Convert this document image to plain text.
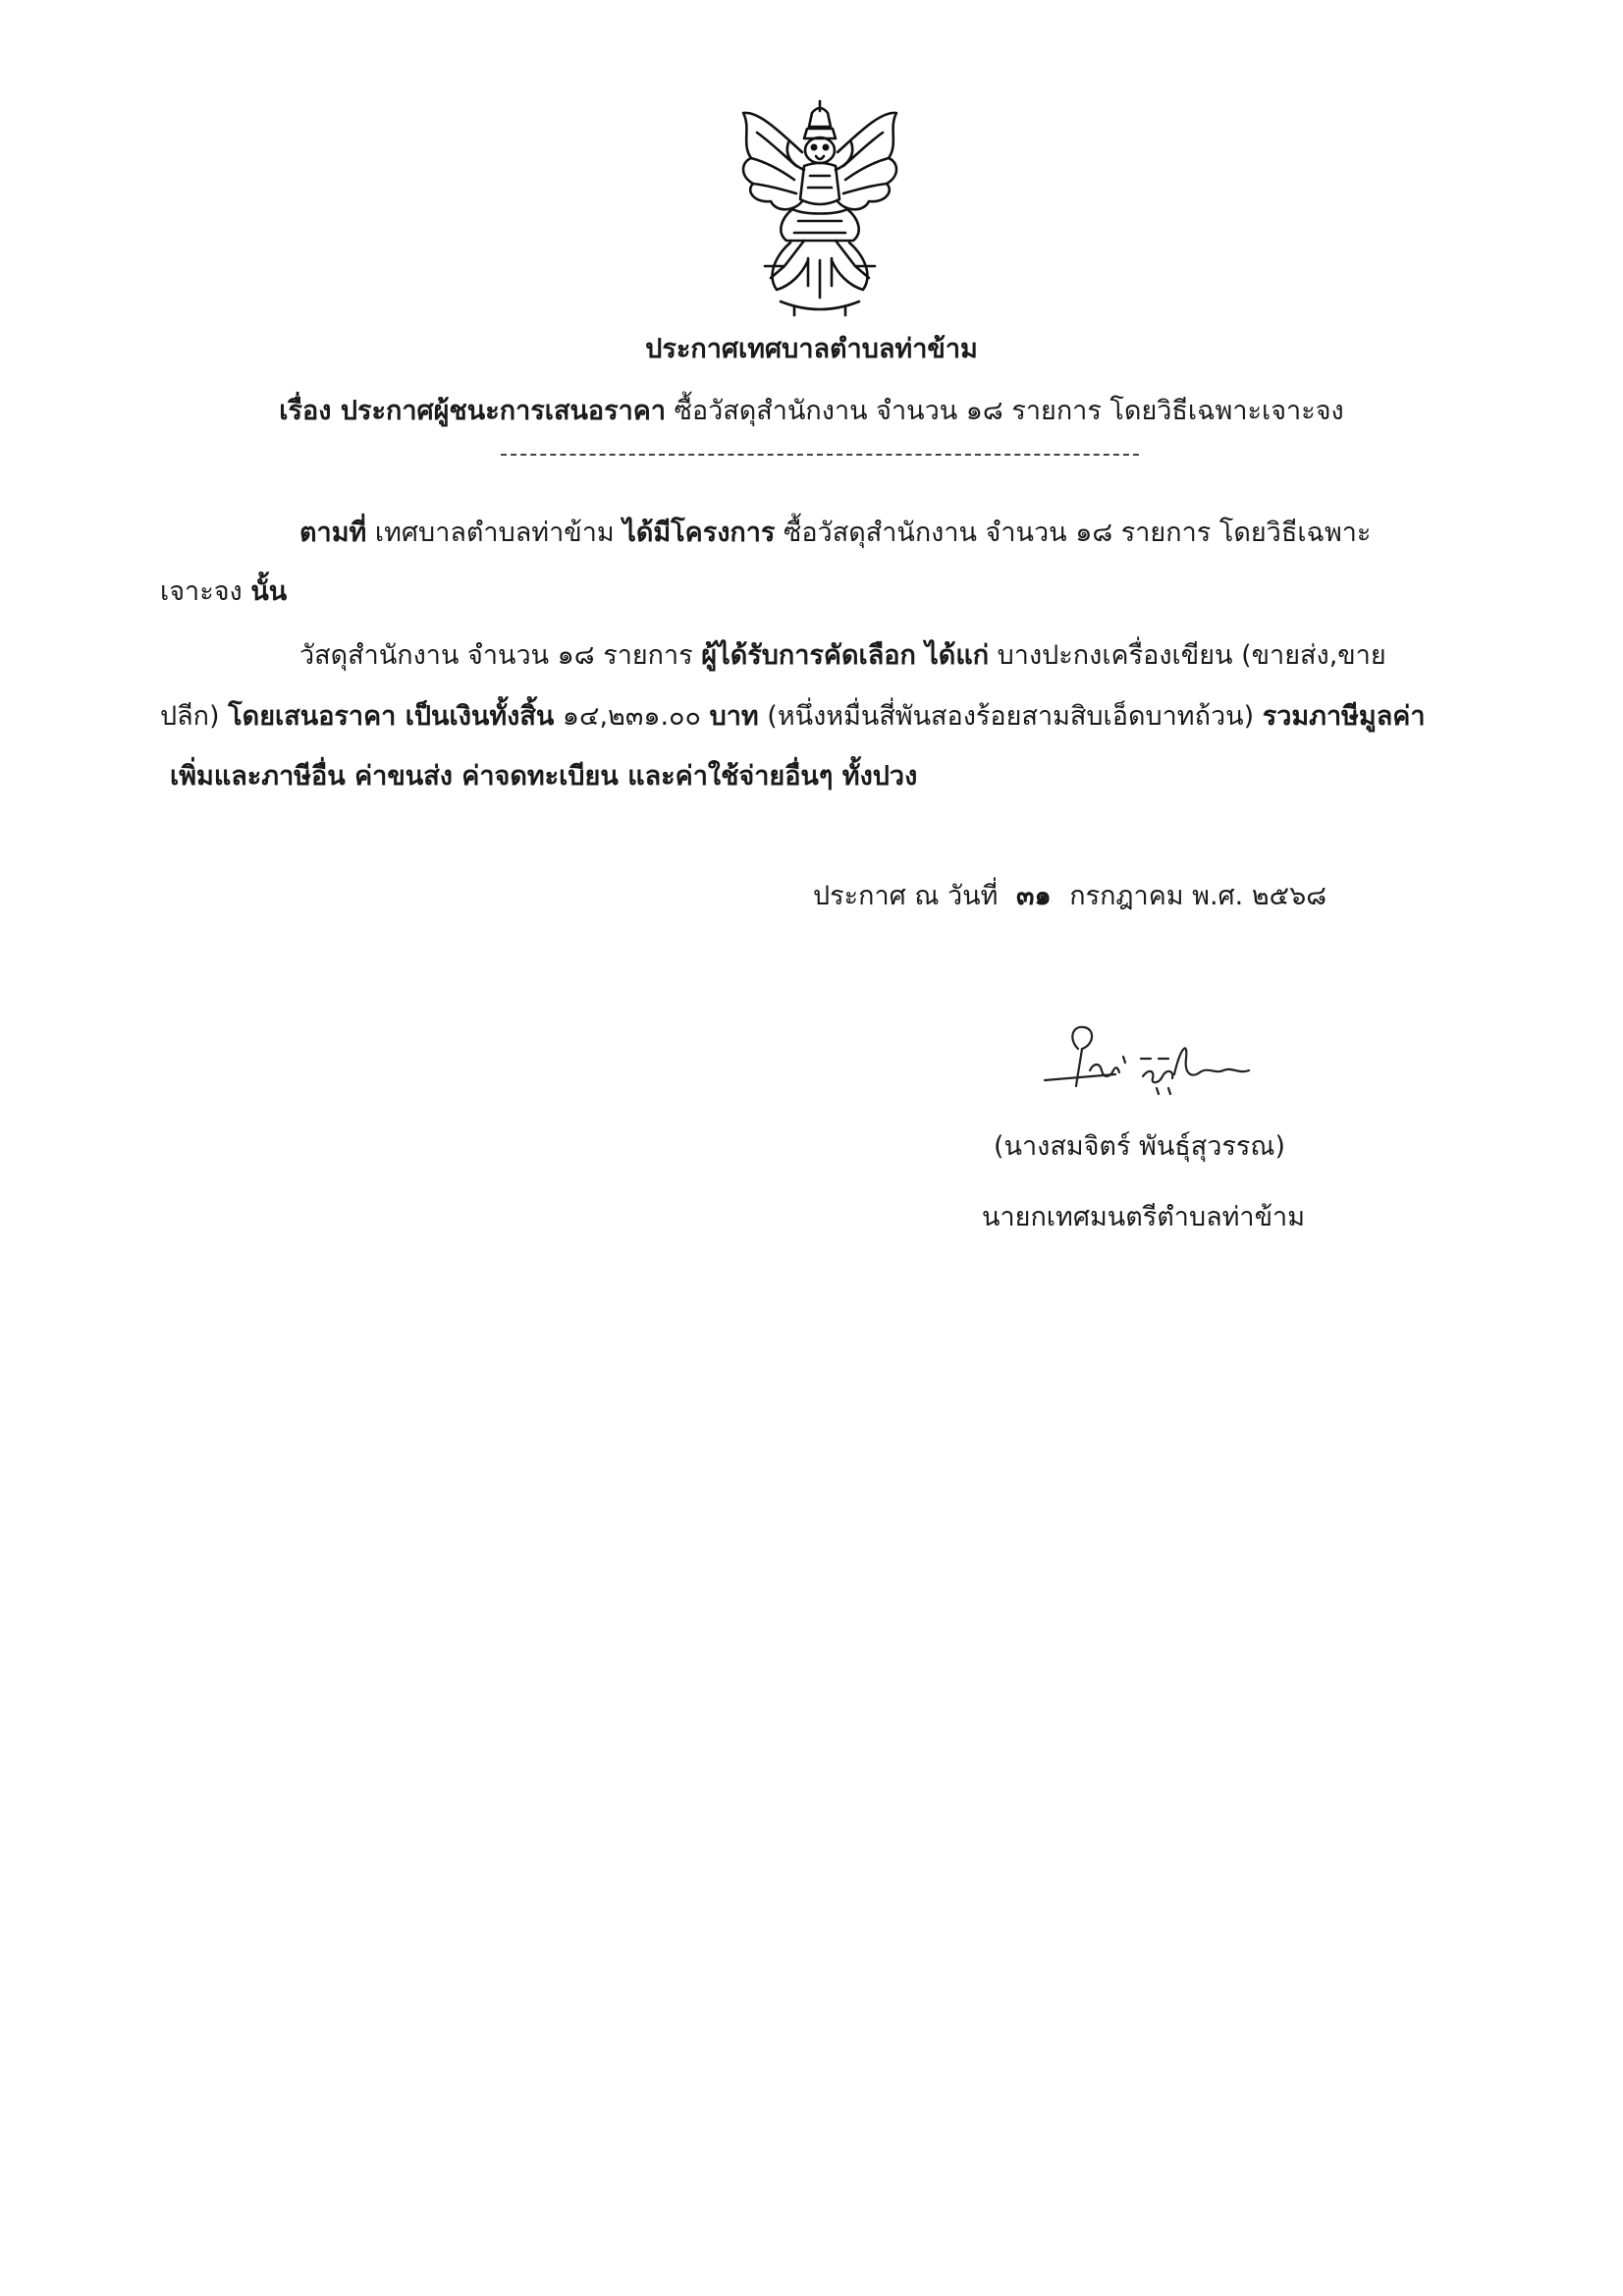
ประกาศเทศบาลตำบลท่าข้าม
เรื่อง ประกาศผู้ชนะการเสนอราคา ซื้อวัสดุสำนักงาน จำนวน ๑๘ รายการ โดยวิธีเฉพาะเจาะจง
ตามที่ เทศบาลตำบลท่าข้าม ได้มีโครงการ ซื้อวัสดุสำนักงาน จำนวน ๑๘ รายการ โดยวิธีเฉพาะ
เจาะจง นั้น
วัสดุสำนักงาน จำนวน ๑๘ รายการ ผู้ได้รับการคัดเลือก ได้แก่ บางปะกงเครื่องเขียน (ขายส่ง,ขาย
ปลีก) โดยเสนอราคา เป็นเงินทั้งสิ้น ๑๔,๒๓๑.๐๐ บาท (หนึ่งหมื่นสี่พันสองร้อยสามสิบเอ็ดบาทถ้วน) รวมภาษีมูลค่า
เพิ่มและภาษีอื่น ค่าขนส่ง ค่าจดทะเบียน และค่าใช้จ่ายอื่นๆ ทั้งปวง
ประกาศ ณ วันที่ ๓๑ กรกฎาคม พ.ศ. ๒๕๖๘
(นางสมจิตร์ พันธุ์สุวรรณ)
นายกเทศมนตรีตำบลท่าข้าม
